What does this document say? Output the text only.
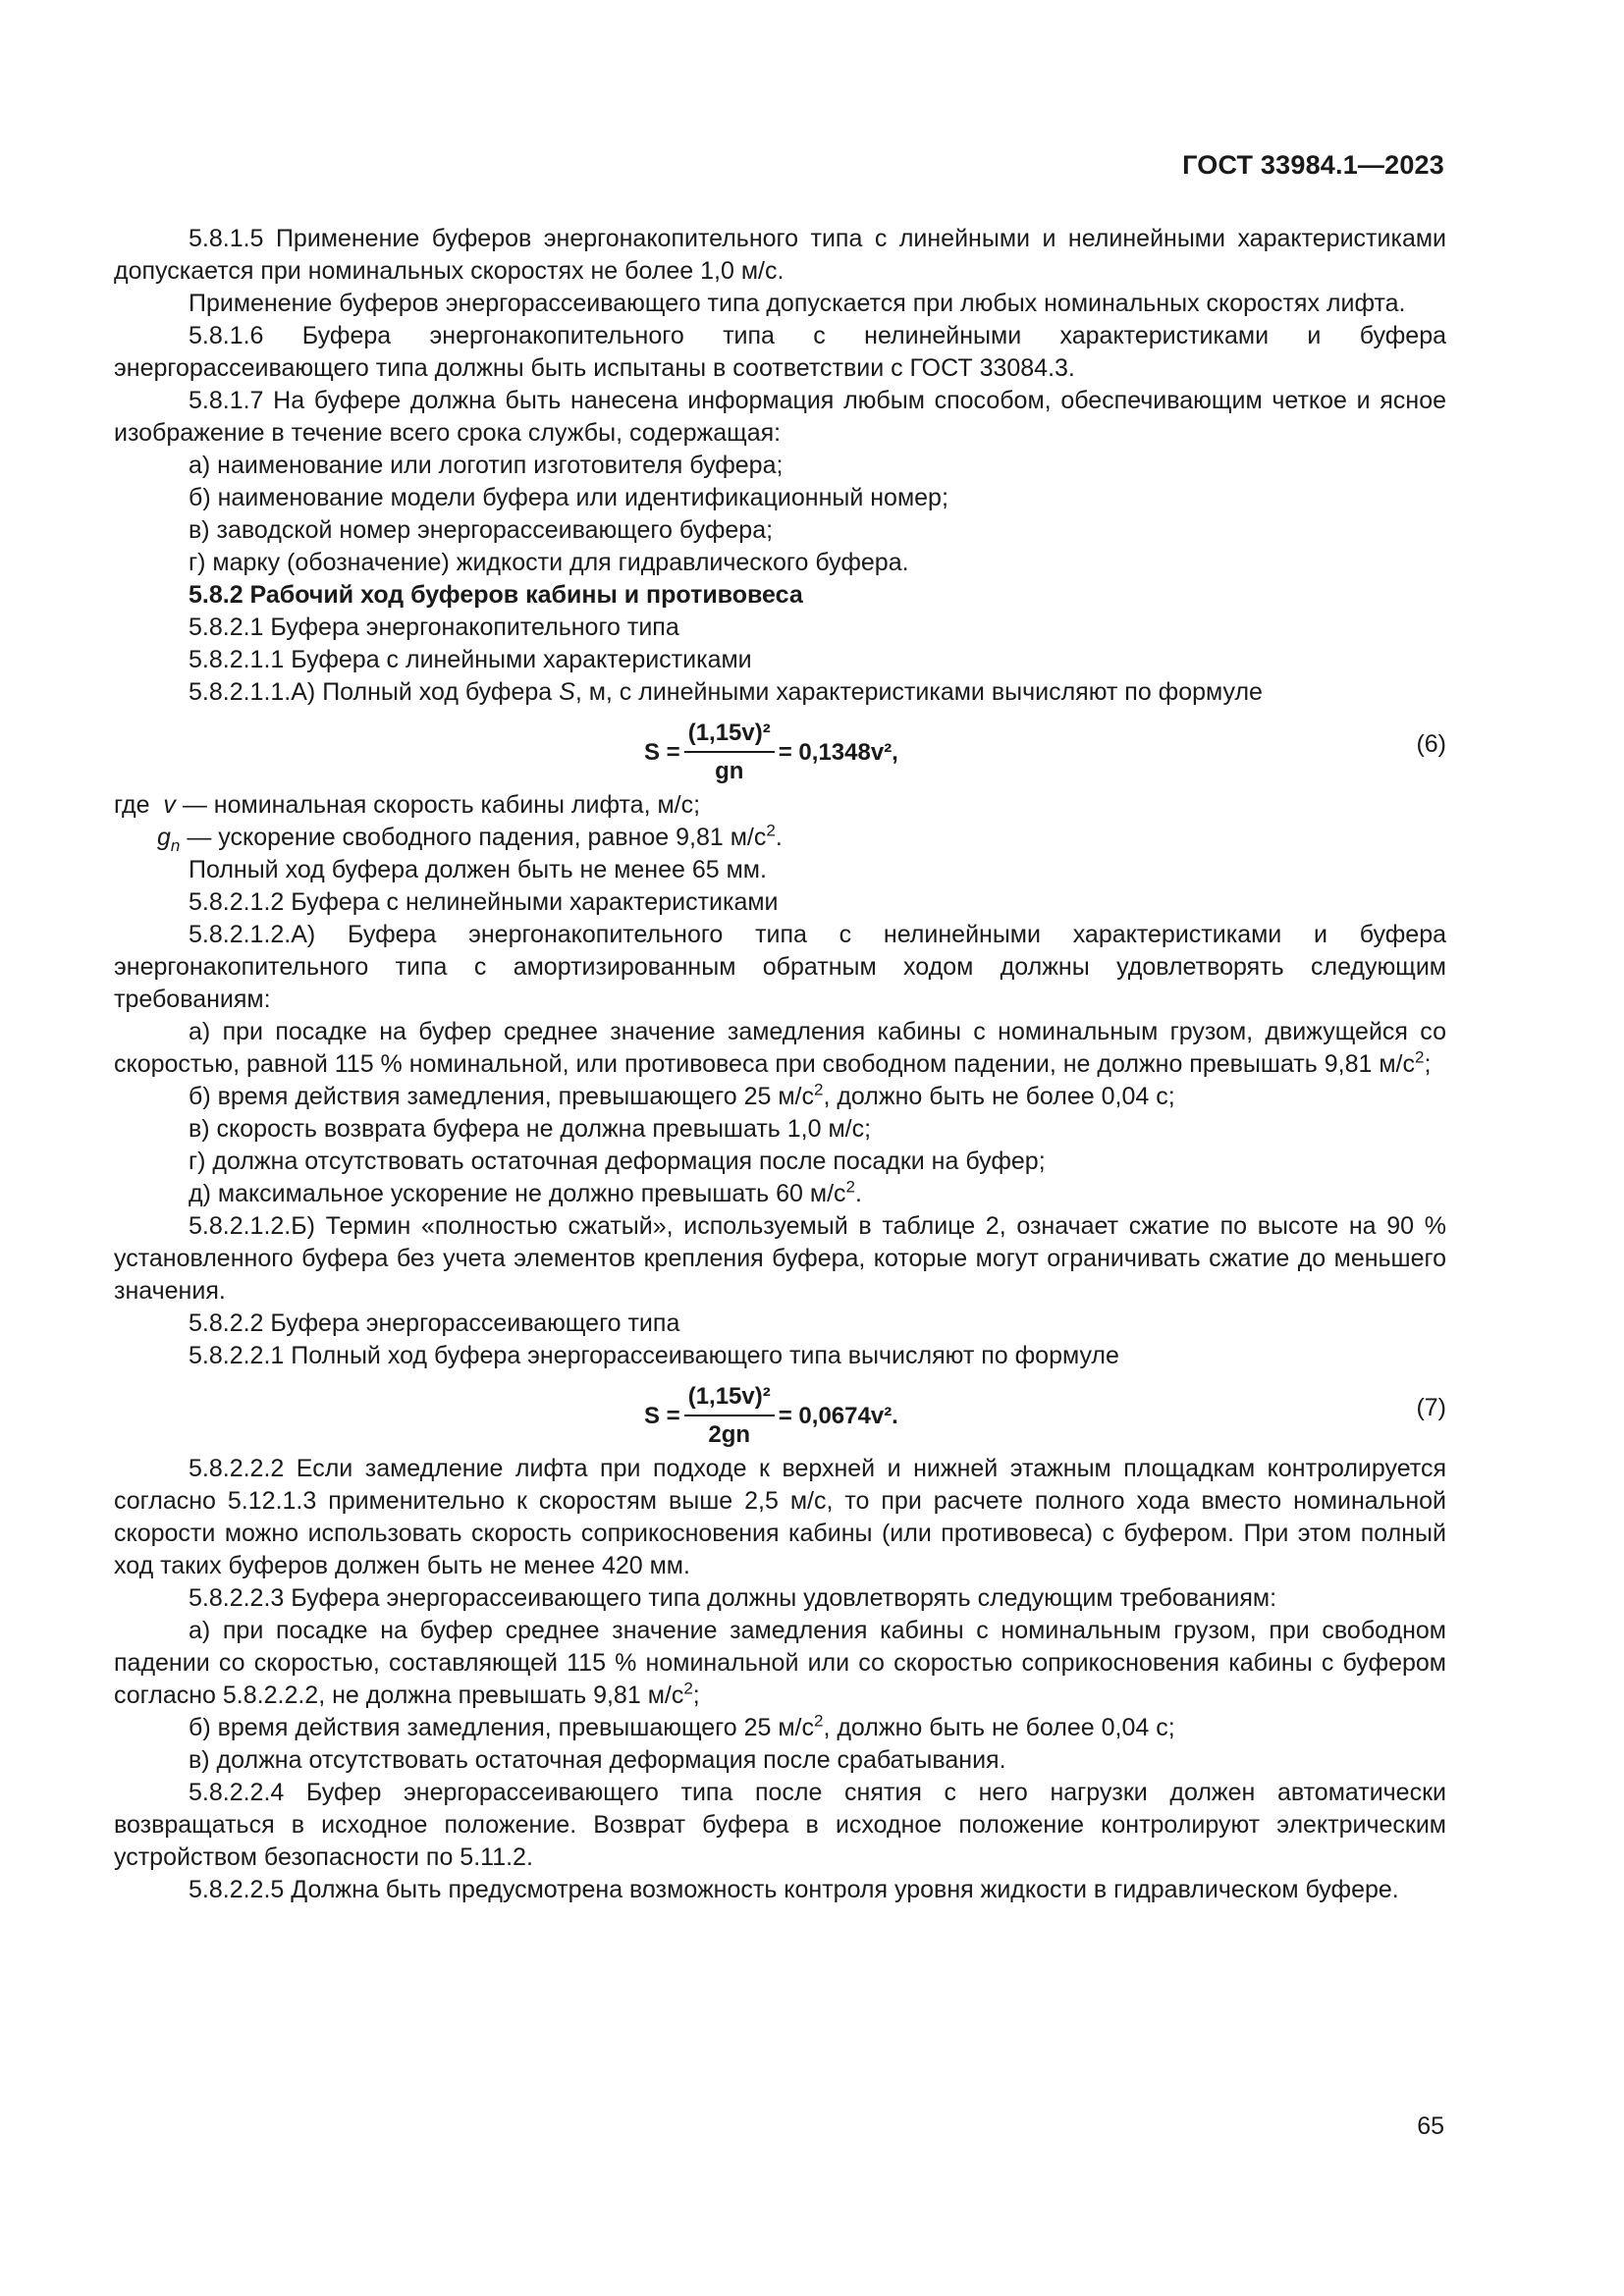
ГОСТ 33984.1—2023

5.8.1.5 Применение буферов энергонакопительного типа с линейными и нелинейными характеристиками допускается при номинальных скоростях не более 1,0 м/с.

Применение буферов энергорассеивающего типа допускается при любых номинальных скоростях лифта.

5.8.1.6 Буфера энергонакопительного типа с нелинейными характеристиками и буфера энергорассеивающего типа должны быть испытаны в соответствии с ГОСТ 33084.3.

5.8.1.7 На буфере должна быть нанесена информация любым способом, обеспечивающим четкое и ясное изображение в течение всего срока службы, содержащая:

а) наименование или логотип изготовителя буфера;

б) наименование модели буфера или идентификационный номер;

в) заводской номер энергорассеивающего буфера;

г) марку (обозначение) жидкости для гидравлического буфера.

5.8.2 Рабочий ход буферов кабины и противовеса

5.8.2.1 Буфера энергонакопительного типа

5.8.2.1.1 Буфера с линейными характеристиками

5.8.2.1.1.А) Полный ход буфера S, м, с линейными характеристиками вычисляют по формуле

$S = \frac{\text{(1,15v)²}}{gn} = 0,1348v^2$,	(6)

где v — номинальная скорость кабины лифта, м/с;

$g_n$ — ускорение свободного падения, равное 9,81 $м/с^2$.

Полный ход буфера должен быть не менее 65 мм.

5.8.2.1.2 Буфера с нелинейными характеристиками

5.8.2.1.2.А) Буфера энергонакопительного типа с нелинейными характеристиками и буфера энергонакопительного типа с амортизированным обратным ходом должны удовлетворять следующим требованиям:

а) при посадке на буфер среднее значение замедления кабины с номинальным грузом, движущейся со скоростью, равной 115 % номинальной, или противовеса при свободном падении, не должно превышать 9,81 $м/с^2$;

б) время действия замедления, превышающего 25 $м/с^2$, должно быть не более 0,04 с;

в) скорость возврата буфера не должна превышать 1,0 м/с;

г) должна отсутствовать остаточная деформация после посадки на буфер;

д) максимальное ускорение не должно превышать 60 $м/с^2$.

5.8.2.1.2.Б) Термин «полностью сжатый», используемый в таблице 2, означает сжатие по высоте на 90 % установленного буфера без учета элементов крепления буфера, которые могут ограничивать сжатие до меньшего значения.

5.8.2.2 Буфера энергорассеивающего типа

5.8.2.2.1 Полный ход буфера энергорассеивающего типа вычисляют по формуле

$S = \frac{\text{(1,15v)²}}{2gn} = 0,0674v^2$.	(7)

5.8.2.2.2 Если замедление лифта при подходе к верхней и нижней этажным площадкам контролируется согласно 5.12.1.3 применительно к скоростям выше 2,5 м/с, то при расчете полного хода вместо номинальной скорости можно использовать скорость соприкосновения кабины (или противовеса) с буфером. При этом полный ход таких буферов должен быть не менее 420 мм.

5.8.2.2.3 Буфера энергорассеивающего типа должны удовлетворять следующим требованиям:

а) при посадке на буфер среднее значение замедления кабины с номинальным грузом, при свободном падении со скоростью, составляющей 115 % номинальной или со скоростью соприкосновения кабины с буфером согласно 5.8.2.2.2, не должна превышать 9,81 $м/с^2$;

б) время действия замедления, превышающего 25 $м/с^2$, должно быть не более 0,04 с;

в) должна отсутствовать остаточная деформация после срабатывания.

5.8.2.2.4 Буфер энергорассеивающего типа после снятия с него нагрузки должен автоматически возвращаться в исходное положение. Возврат буфера в исходное положение контролируют электрическим устройством безопасности по 5.11.2.

5.8.2.2.5 Должна быть предусмотрена возможность контроля уровня жидкости в гидравлическом буфере.

65
